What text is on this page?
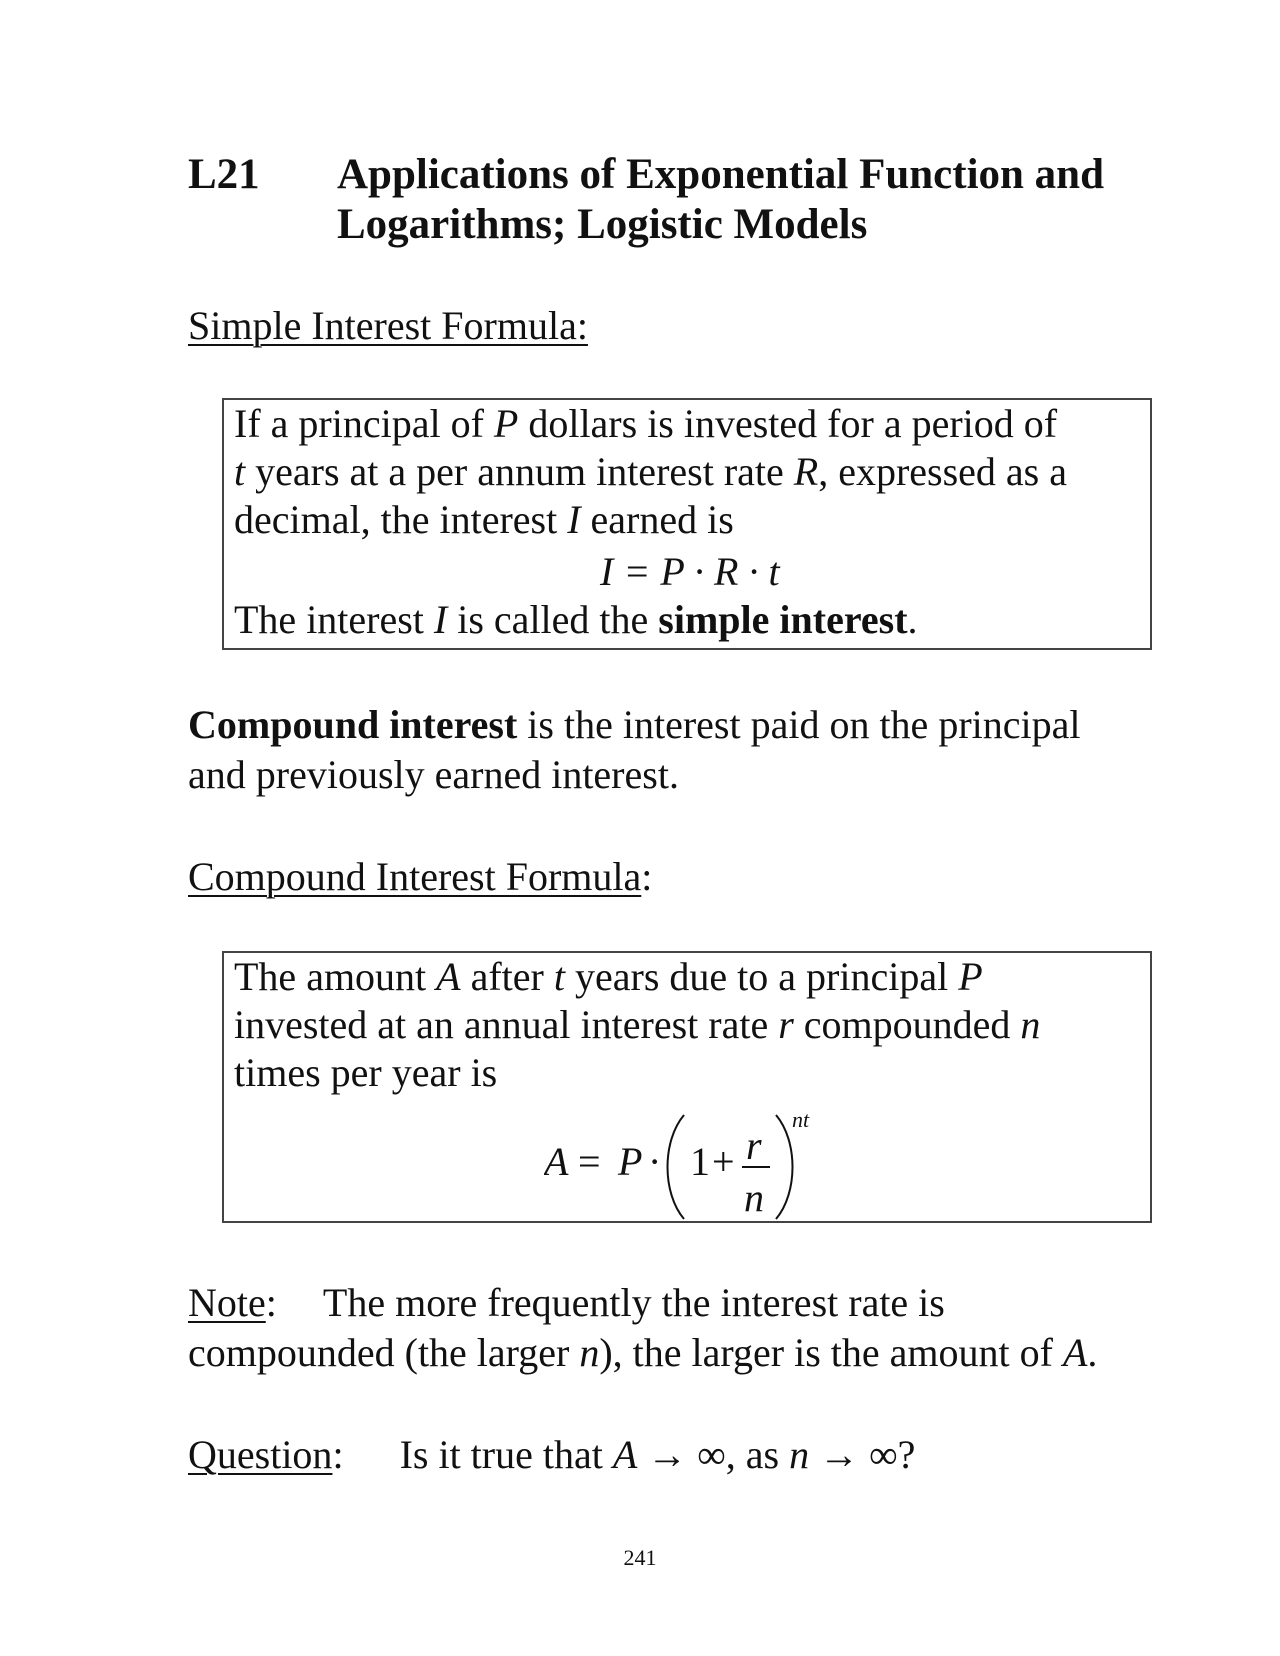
L21 Applications of Exponential Function and
Logarithms; Logistic Models
Simple Interest Formula:
If a principal of P dollars is invested for a period of
t years at a per annum interest rate R, expressed as a
decimal, the interest I earned is
I = P · R · t
The interest I is called the simple interest.
Compound interest is the interest paid on the principal
and previously earned interest.
Compound Interest Formula:
The amount A after t years due to a principal P
invested at an annual interest rate r compounded n
times per year is
A = P · 1 + r
n
nt
Note: The more frequently the interest rate is
compounded (the larger n), the larger is the amount of A.
Question: Is it true that A → ∞, as n → ∞?
241
